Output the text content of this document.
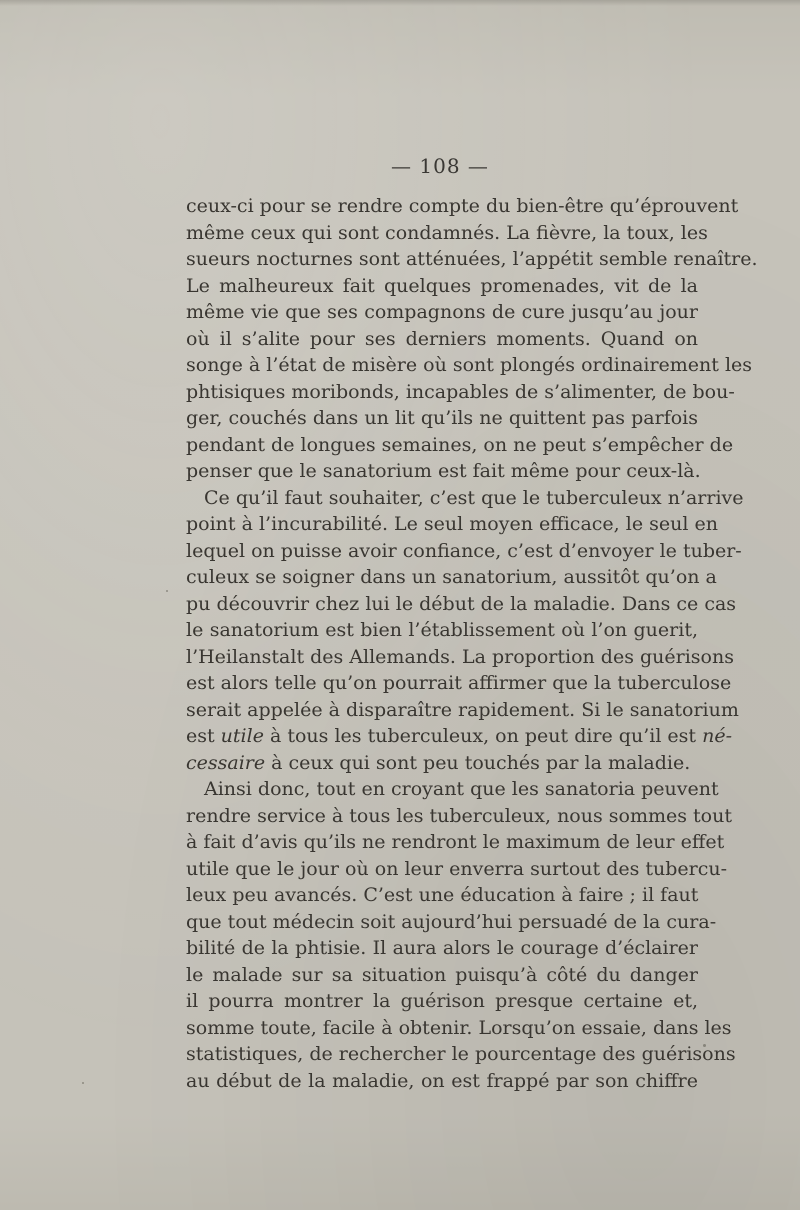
— 108 —
ceux-ci pour se rendre compte du bien-être qu’éprouvent
même ceux qui sont condamnés. La fièvre, la toux, les
sueurs nocturnes sont atténuées, l’appétit semble renaître.
Le malheureux fait quelques promenades, vit de la
même vie que ses compagnons de cure jusqu’au jour
où il s’alite pour ses derniers moments. Quand on
songe à l’état de misère où sont plongés ordinairement les
phtisiques moribonds, incapables de s’alimenter, de bou-
ger, couchés dans un lit qu’ils ne quittent pas parfois
pendant de longues semaines, on ne peut s’empêcher de
penser que le sanatorium est fait même pour ceux-là.
Ce qu’il faut souhaiter, c’est que le tuberculeux n’arrive
point à l’incurabilité. Le seul moyen efficace, le seul en
lequel on puisse avoir confiance, c’est d’envoyer le tuber-
culeux se soigner dans un sanatorium, aussitôt qu’on a
pu découvrir chez lui le début de la maladie. Dans ce cas
le sanatorium est bien l’établissement où l’on guerit,
l’Heilanstalt des Allemands. La proportion des guérisons
est alors telle qu’on pourrait affirmer que la tuberculose
serait appelée à disparaître rapidement. Si le sanatorium
est utile à tous les tuberculeux, on peut dire qu’il est né-
cessaire à ceux qui sont peu touchés par la maladie.
Ainsi donc, tout en croyant que les sanatoria peuvent
rendre service à tous les tuberculeux, nous sommes tout
à fait d’avis qu’ils ne rendront le maximum de leur effet
utile que le jour où on leur enverra surtout des tubercu-
leux peu avancés. C’est une éducation à faire ; il faut
que tout médecin soit aujourd’hui persuadé de la cura-
bilité de la phtisie. Il aura alors le courage d’éclairer
le malade sur sa situation puisqu’à côté du danger
il pourra montrer la guérison presque certaine et,
somme toute, facile à obtenir. Lorsqu’on essaie, dans les
statistiques, de rechercher le pourcentage des guérisons
au début de la maladie, on est frappé par son chiffre
